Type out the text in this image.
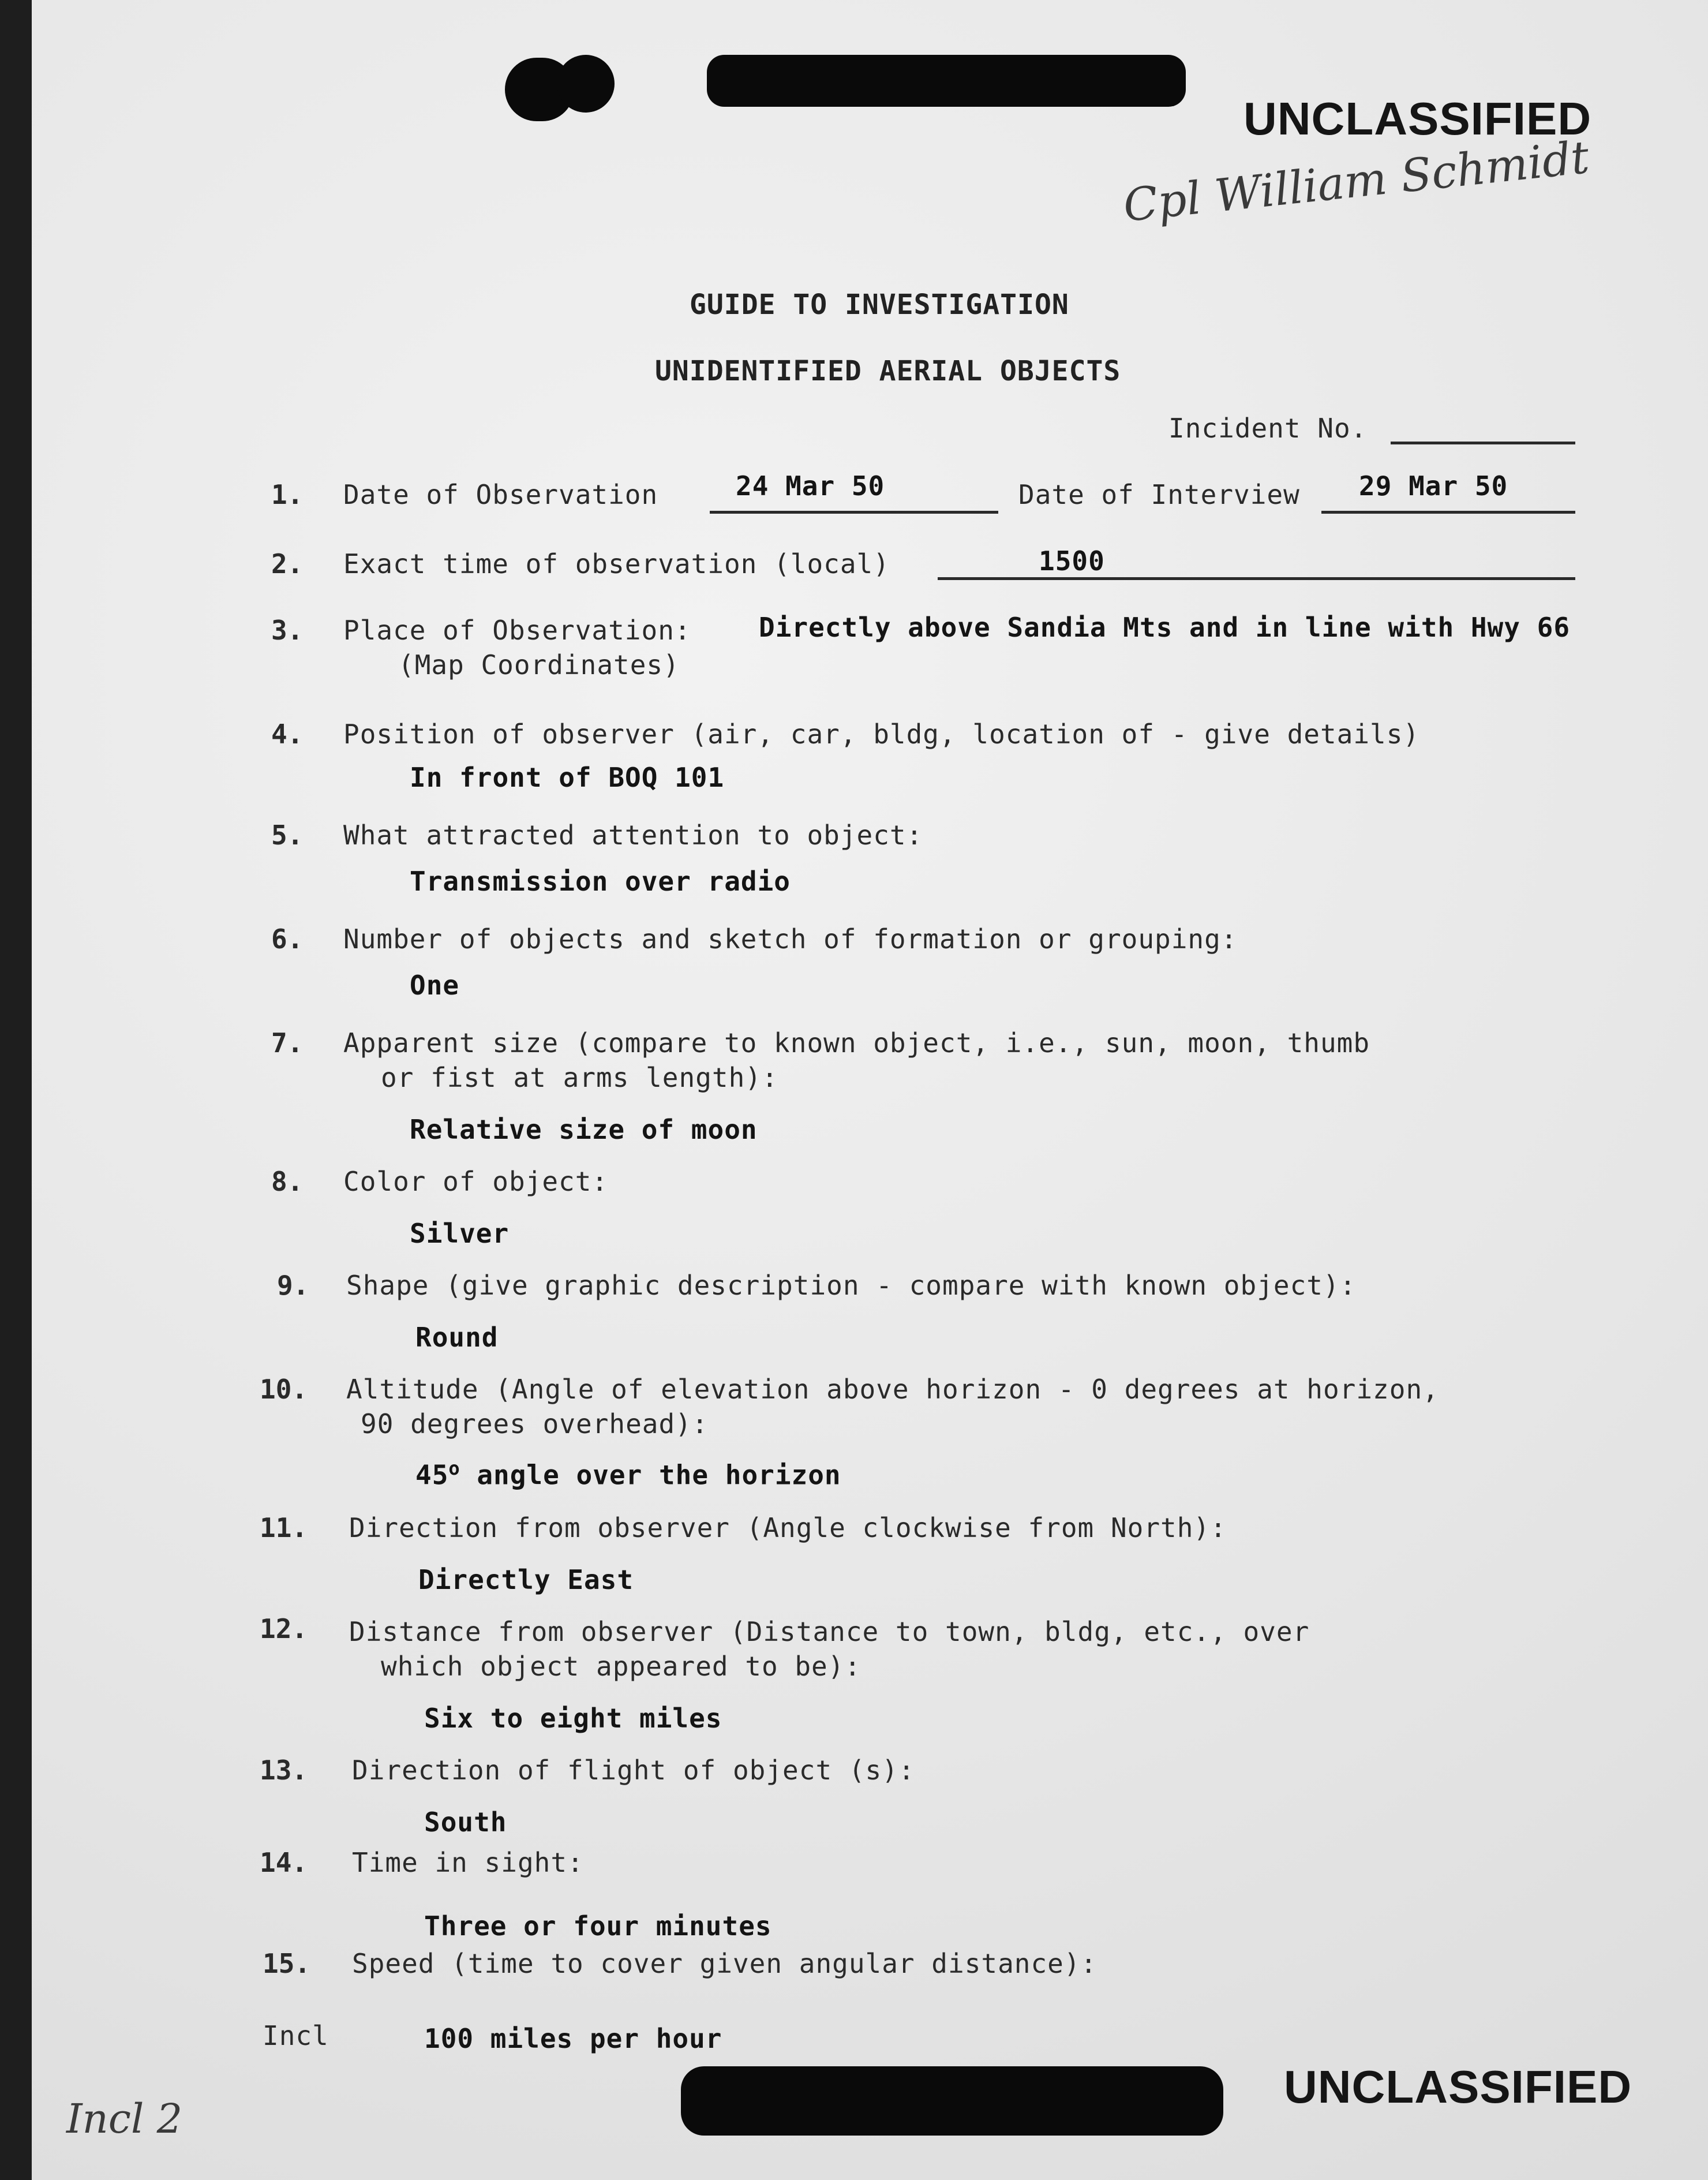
UNCLASSIFIED
Cpl William Schmidt
GUIDE TO INVESTIGATION
UNIDENTIFIED AERIAL OBJECTS
Incident No.
1. Date of Observation	24 Mar 50	Date of Interview 29 Mar 50
2. Exact time of observation (local)	1500
3. Place of Observation:	Directly above Sandia Mts and in line with Hwy 66
(Map Coordinates)
4. Position of observer (air, car, bldg, location of - give details)
In front of BOQ 101
5. What attracted attention to object:
Transmission over radio
6. Number of objects and sketch of formation or grouping:
One
7. Apparent size (compare to known object, i.e., sun, moon, thumb
or fist at arms length):
Relative size of moon
8. Color of object:
Silver
9. Shape (give graphic description - compare with known object):
Round
10. Altitude (Angle of elevation above horizon - 0 degrees at horizon,
90 degrees overhead):
45$^o$ angle over the horizon
11. Direction from observer (Angle clockwise from North):
Directly East
12. Distance from observer (Distance to town, bldg, etc., over
which object appeared to be):
Six to eight miles
13. Direction of flight of object (s):
South
14. Time in sight:
Three or four minutes
15. Speed (time to cover given angular distance):
Incl	100 miles per hour
UNCLASSIFIED
Incl 2
